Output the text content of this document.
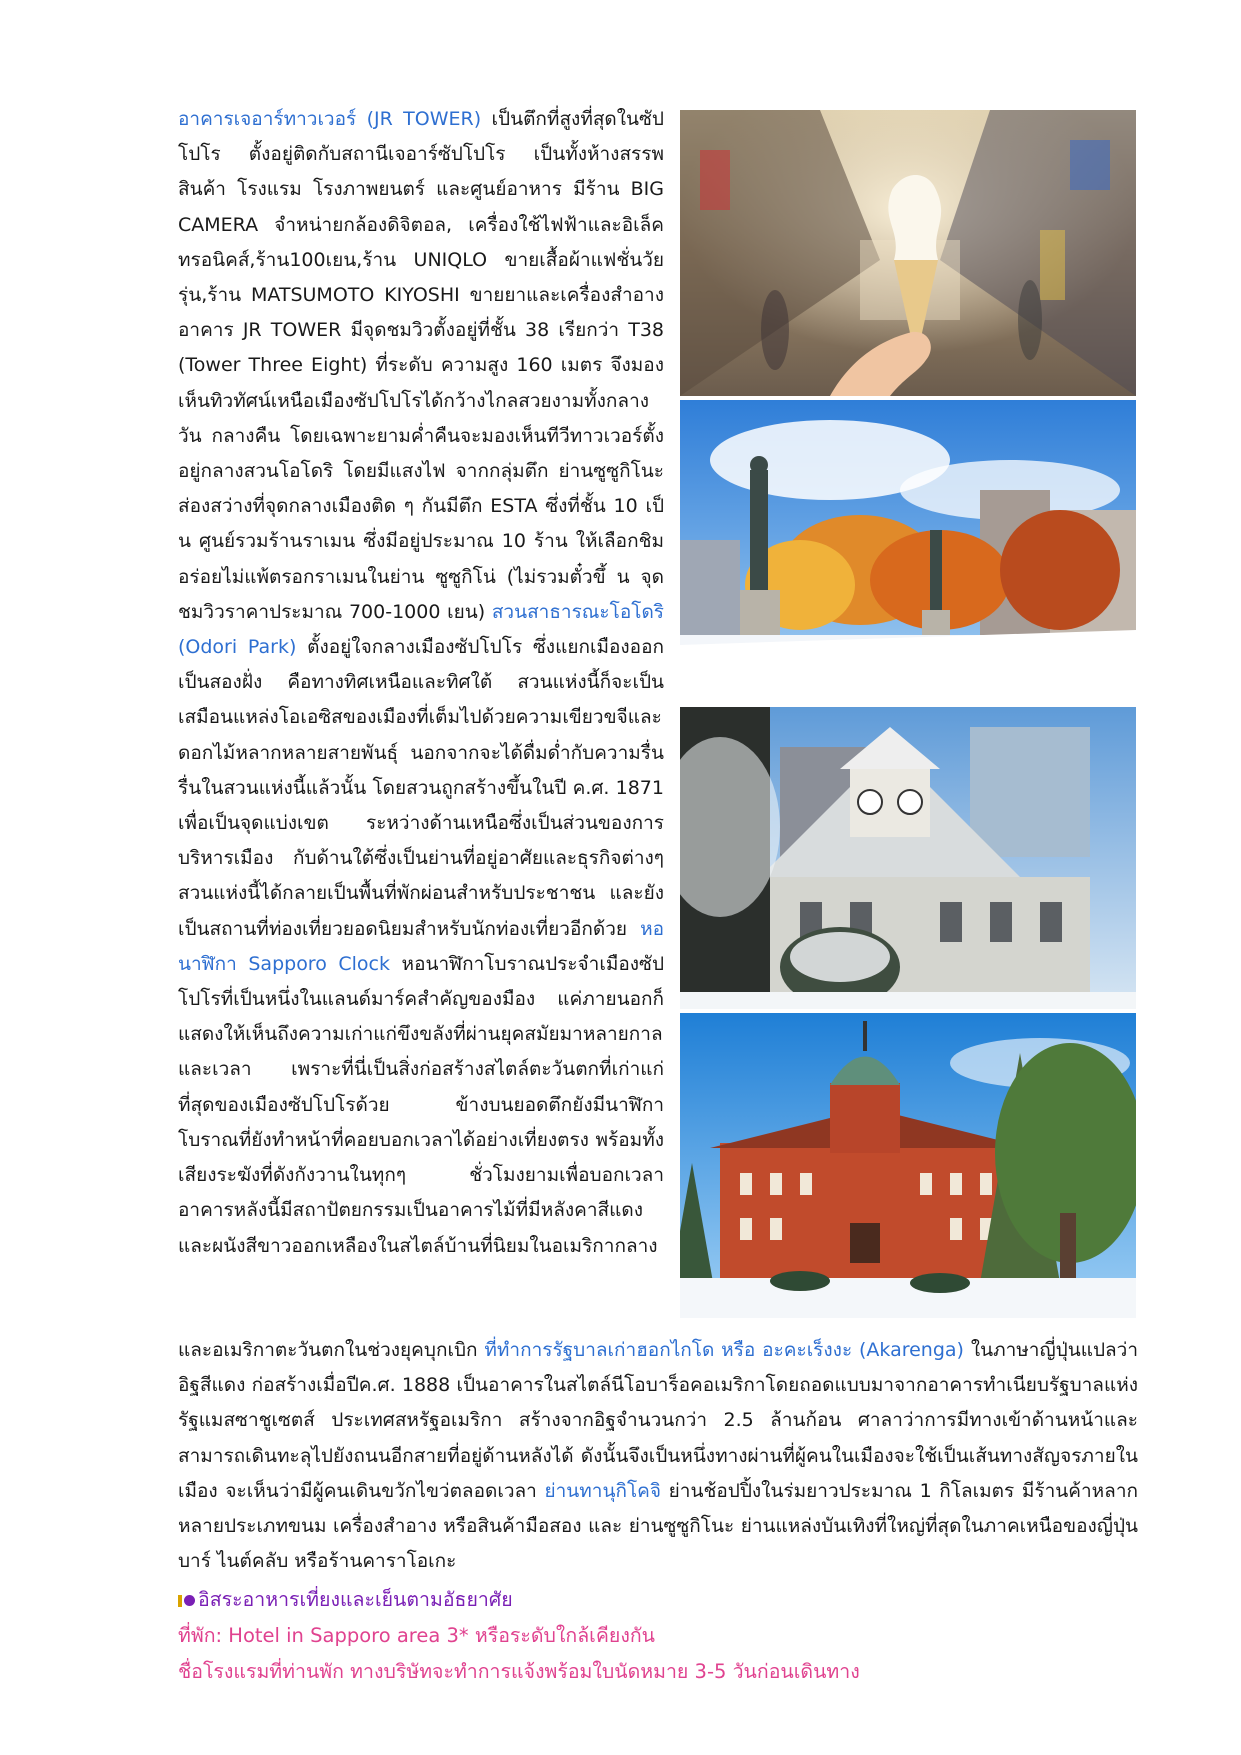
อาคารเจอาร์ทาวเวอร์ (JR TOWER) เป็นตึกที่สูงที่สุดในซัปโปโร ตั้งอยู่ติดกับสถานีเจอาร์ซัปโปโร เป็นทั้งห้างสรรพสินค้า โรงแรม โรงภาพยนตร์ และศูนย์อาหาร มีร้าน BIG CAMERA จำหน่ายกล้องดิจิตอล, เครื่องใช้ไฟฟ้าและอิเล็คทรอนิคส์,ร้าน100เยน,ร้าน UNIQLO ขายเสื้อผ้าแฟชั่นวัยรุ่น,ร้าน MATSUMOTO KIYOSHI ขายยาและเครื่องสำอาง อาคาร JR TOWER มีจุดชมวิวตั้งอยู่ที่ชั้น 38 เรียกว่า T38 (Tower Three Eight) ที่ระดับ ความสูง 160 เมตร จึงมองเห็นทิวทัศน์เหนือเมืองซัปโปโรได้กว้างไกลสวยงามทั้งกลางวัน กลางคืน โดยเฉพาะยามค่ำคืนจะมองเห็นทีวีทาวเวอร์ตั้งอยู่กลางสวนโอโดริ โดยมีแสงไฟ จากกลุ่มตึก ย่านซูซูกิโนะ ส่องสว่างที่จุดกลางเมืองติด ๆ กันมีตึก ESTA ซึ่งที่ชั้น 10 เป็ น ศูนย์รวมร้านราเมน ซึ่งมีอยู่ประมาณ 10 ร้าน ให้เลือกชิมอร่อยไม่แพ้ตรอกราเมนในย่าน ซูซูกิโน่ (ไม่รวมตั๋วขึ้ น จุดชมวิวราคาประมาณ 700-1000 เยน) สวนสาธารณะโอโดริ (Odori Park) ตั้งอยู่ใจกลางเมืองซัปโปโร ซึ่งแยกเมืองออกเป็นสองฝั่ง คือทางทิศเหนือและทิศใต้ สวนแห่งนี้ก็จะเป็นเสมือนแหล่งโอเอซิสของเมืองที่เต็มไปด้วยความเขียวขจีและดอกไม้หลากหลายสายพันธุ์ นอกจากจะได้ดื่มด่ำกับความรื่นรื่นในสวนแห่งนี้แล้วนั้น โดยสวนถูกสร้างขึ้นในปี ค.ศ. 1871 เพื่อเป็นจุดแบ่งเขต ระหว่างด้านเหนือซึ่งเป็นส่วนของการบริหารเมือง กับด้านใต้ซึ่งเป็นย่านที่อยู่อาศัยและธุรกิจต่างๆ สวนแห่งนี้ได้กลายเป็นพื้นที่พักผ่อนสำหรับประชาชน และยังเป็นสถานที่ท่องเที่ยวยอดนิยมสำหรับนักท่องเที่ยวอีกด้วย หอนาฬิกา Sapporo Clock หอนาฬิกาโบราณประจำเมืองซัปโปโรที่เป็นหนึ่งในแลนด์มาร์คสำคัญของมือง แค่ภายนอกก็แสดงให้เห็นถึงความเก่าแก่ขึงขลังที่ผ่านยุคสมัยมาหลายกาลและเวลา เพราะที่นี่เป็นสิ่งก่อสร้างสไตล์ตะวันตกที่เก่าแก่ที่สุดของเมืองซัปโปโรด้วย ข้างบนยอดตึกยังมีนาฬิกาโบราณที่ยังทำหน้าที่คอยบอกเวลาได้อย่างเที่ยงตรง พร้อมทั้งเสียงระฆังที่ดังกังวานในทุกๆ ชั่วโมงยามเพื่อบอกเวลา อาคารหลังนี้มีสถาปัตยกรรมเป็นอาคารไม้ที่มีหลังคาสีแดงและผนังสีขาวออกเหลืองในสไตล์บ้านที่นิยมในอเมริกากลาง
และอเมริกาตะวันตกในช่วงยุคบุกเบิก ที่ทำการรัฐบาลเก่าฮอกไกโด หรือ อะคะเร็งงะ (Akarenga) ในภาษาญี่ปุ่นแปลว่า อิฐสีแดง ก่อสร้างเมื่อปีค.ศ. 1888 เป็นอาคารในสไตล์นีโอบาร็อคอเมริกาโดยถอดแบบมาจากอาคารทำเนียบรัฐบาลแห่งรัฐแมสซาชูเซตส์ ประเทศสหรัฐอเมริกา สร้างจากอิฐจำนวนกว่า 2.5 ล้านก้อน ศาลาว่าการมีทางเข้าด้านหน้าและสามารถเดินทะลุไปยังถนนอีกสายที่อยู่ด้านหลังได้ ดังนั้นจึงเป็นหนึ่งทางผ่านที่ผู้คนในเมืองจะใช้เป็นเส้นทางสัญจรภายในเมือง จะเห็นว่ามีผู้คนเดินขวักไขว่ตลอดเวลา ย่านทานุกิโคจิ ย่านช้อปปิ้งในร่มยาวประมาณ 1 กิโลเมตร มีร้านค้าหลากหลายประเภทขนม เครื่องสำอาง หรือสินค้ามือสอง และ ย่านซูซูกิโนะ ย่านแหล่งบันเทิงที่ใหญ่ที่สุดในภาคเหนือของญี่ปุ่น บาร์ ไนต์คลับ หรือร้านคาราโอเกะ
อิสระอาหารเที่ยงและเย็นตามอัธยาศัย
ที่พัก: Hotel in Sapporo area 3* หรือระดับใกล้เคียงกัน
ชื่อโรงแรมที่ท่านพัก ทางบริษัทจะทำการแจ้งพร้อมใบนัดหมาย 3-5 วันก่อนเดินทาง
